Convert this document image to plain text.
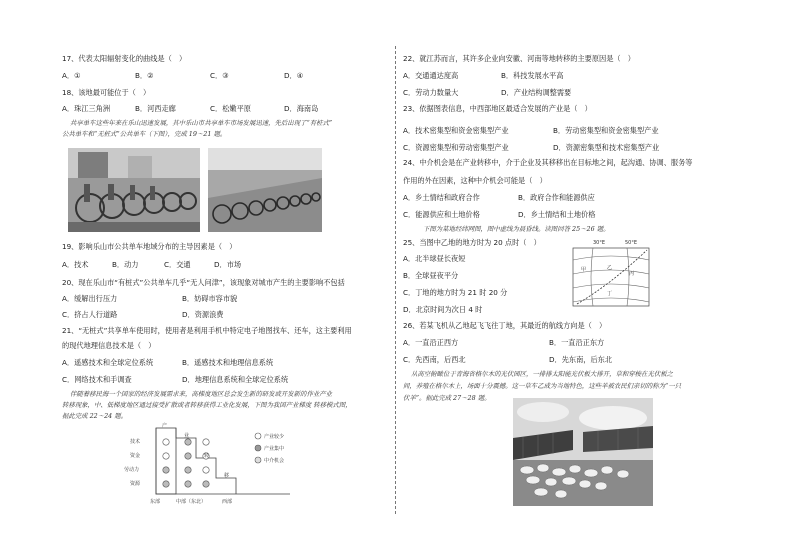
17、代表太阳辐射变化的曲线是（　）
A．①	B．②	C．③	D．④
18、该地最可能位于（　）
A．珠江三角洲	B．河西走廊	C．松嫩平原	D．海南岛
共享单车这些年来在乐山迅速发展，其中乐山市共享单车市场发展迅速，先后出现了“有桩式”
公共单车和“无桩式”公共单车（下图），完成 19～21 题。
19、影响乐山市公共单车地域分布的主导因素是（　）
A．技术	B．动力	C．交通	D．市场
20、现在乐山市“有桩式”公共单车几乎“无人问津”，该现象对城市产生的主要影响不包括
A．缓解出行压力	B．妨碍市容市貌
C．挤占人行道路	D．资源浪费
21、“无桩式”共享单车使用时，使用者是利用手机中特定电子地图找车、还车，这主要利用
的现代地理信息技术是（　）
A．遥感技术和全球定位系统	B．遥感技术和地理信息系统
C．网络技术和手调查	D．地理信息系统和全球定位系统
伴随着移民海一个国家的经济发展需求来，高梯度地区总会发生新的研发或开发新的作业产业
转移现象，中、低梯度地区通过接受扩散或者转移获得工业化发展，下图为我国产业梯度 转移模式图，
据此完成 22～24 题。
技术
资金
劳动力
资源
产
业
转
移
东部	中部（东北）	西部
产业较少
产业集中
中介机会
22、就江苏而言，其许多企业向安徽、河南等地转移的主要原因是（　）
A．交通通达度高	B．科技发展水平高
C．劳动力数量大	D．产业结构调整需要
23、依据图表信息，中西部地区最适合发展的产业是（　）
A．技术密集型和资金密集型产业	B．劳动密集型和资金密集型产业
C．资源密集型和劳动密集型产业	D．资源密集型和技术密集型产业
24、中介机会是在产业转移中，介于企业及其移移出在目标地之间，起沟通、协调、服务等
作用的外在因素，这种中介机会可能是（　）
A．乡土情结和政府合作	B．政府合作和能源供应
C．能源供应和土地价格	D．乡土情结和土地价格
下图为某地经纬网图，图中虚线为晨昏线。读图回答 25～26 题。
25、当图中乙地的地方时为 20 点时（　）
A．北半球昼长夜短
B．全球昼夜平分
C．丁地的地方时为 21 时 20 分
D．北京时间为次日 4 时
30°E	50°E
甲	乙
丙
丁
26、若某飞机从乙地起飞飞往丁地，其最近的航线方向是（　）
A．一直沿正西方	B．一直沿正东方
C．先西南，后西北	D．先东南，后东北
从高空俯瞰位于青海省格尔木的光伏园区，一排排太阳能光伏板大排开，草和穿梭在光伏板之
间，养殖在格尔木上，场面十分震撼。这一草车乙成为当地特色，这些羊被农民们亲切的称为“一只
伏羊”。据此完成 27～28 题。
